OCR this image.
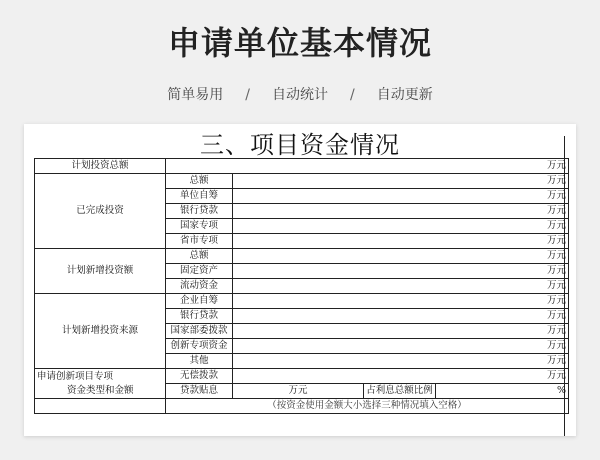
申请单位基本情况
简单易用 / 自动统计 / 自动更新
三、项目资金情况
计划投资总额	万元			
已完成投资	总额	万元		
	单位自筹	万元		
	银行贷款	万元		
	国家专项	万元		
	省市专项	万元		
计划新增投资额	总额	万元		
	固定资产	万元		
	流动资金	万元		
计划新增投资来源	企业自筹	万元		
	银行贷款	万元		
	国家部委拨款	万元		
	创新专项资金	万元		
	其他	万元		

申请创新项目专项
资金类型和金额	无偿拨款	万元		
	贷款贴息	万元	占利息总额比例	%
	（按资金使用金额大小选择三种情况填入空格）			
